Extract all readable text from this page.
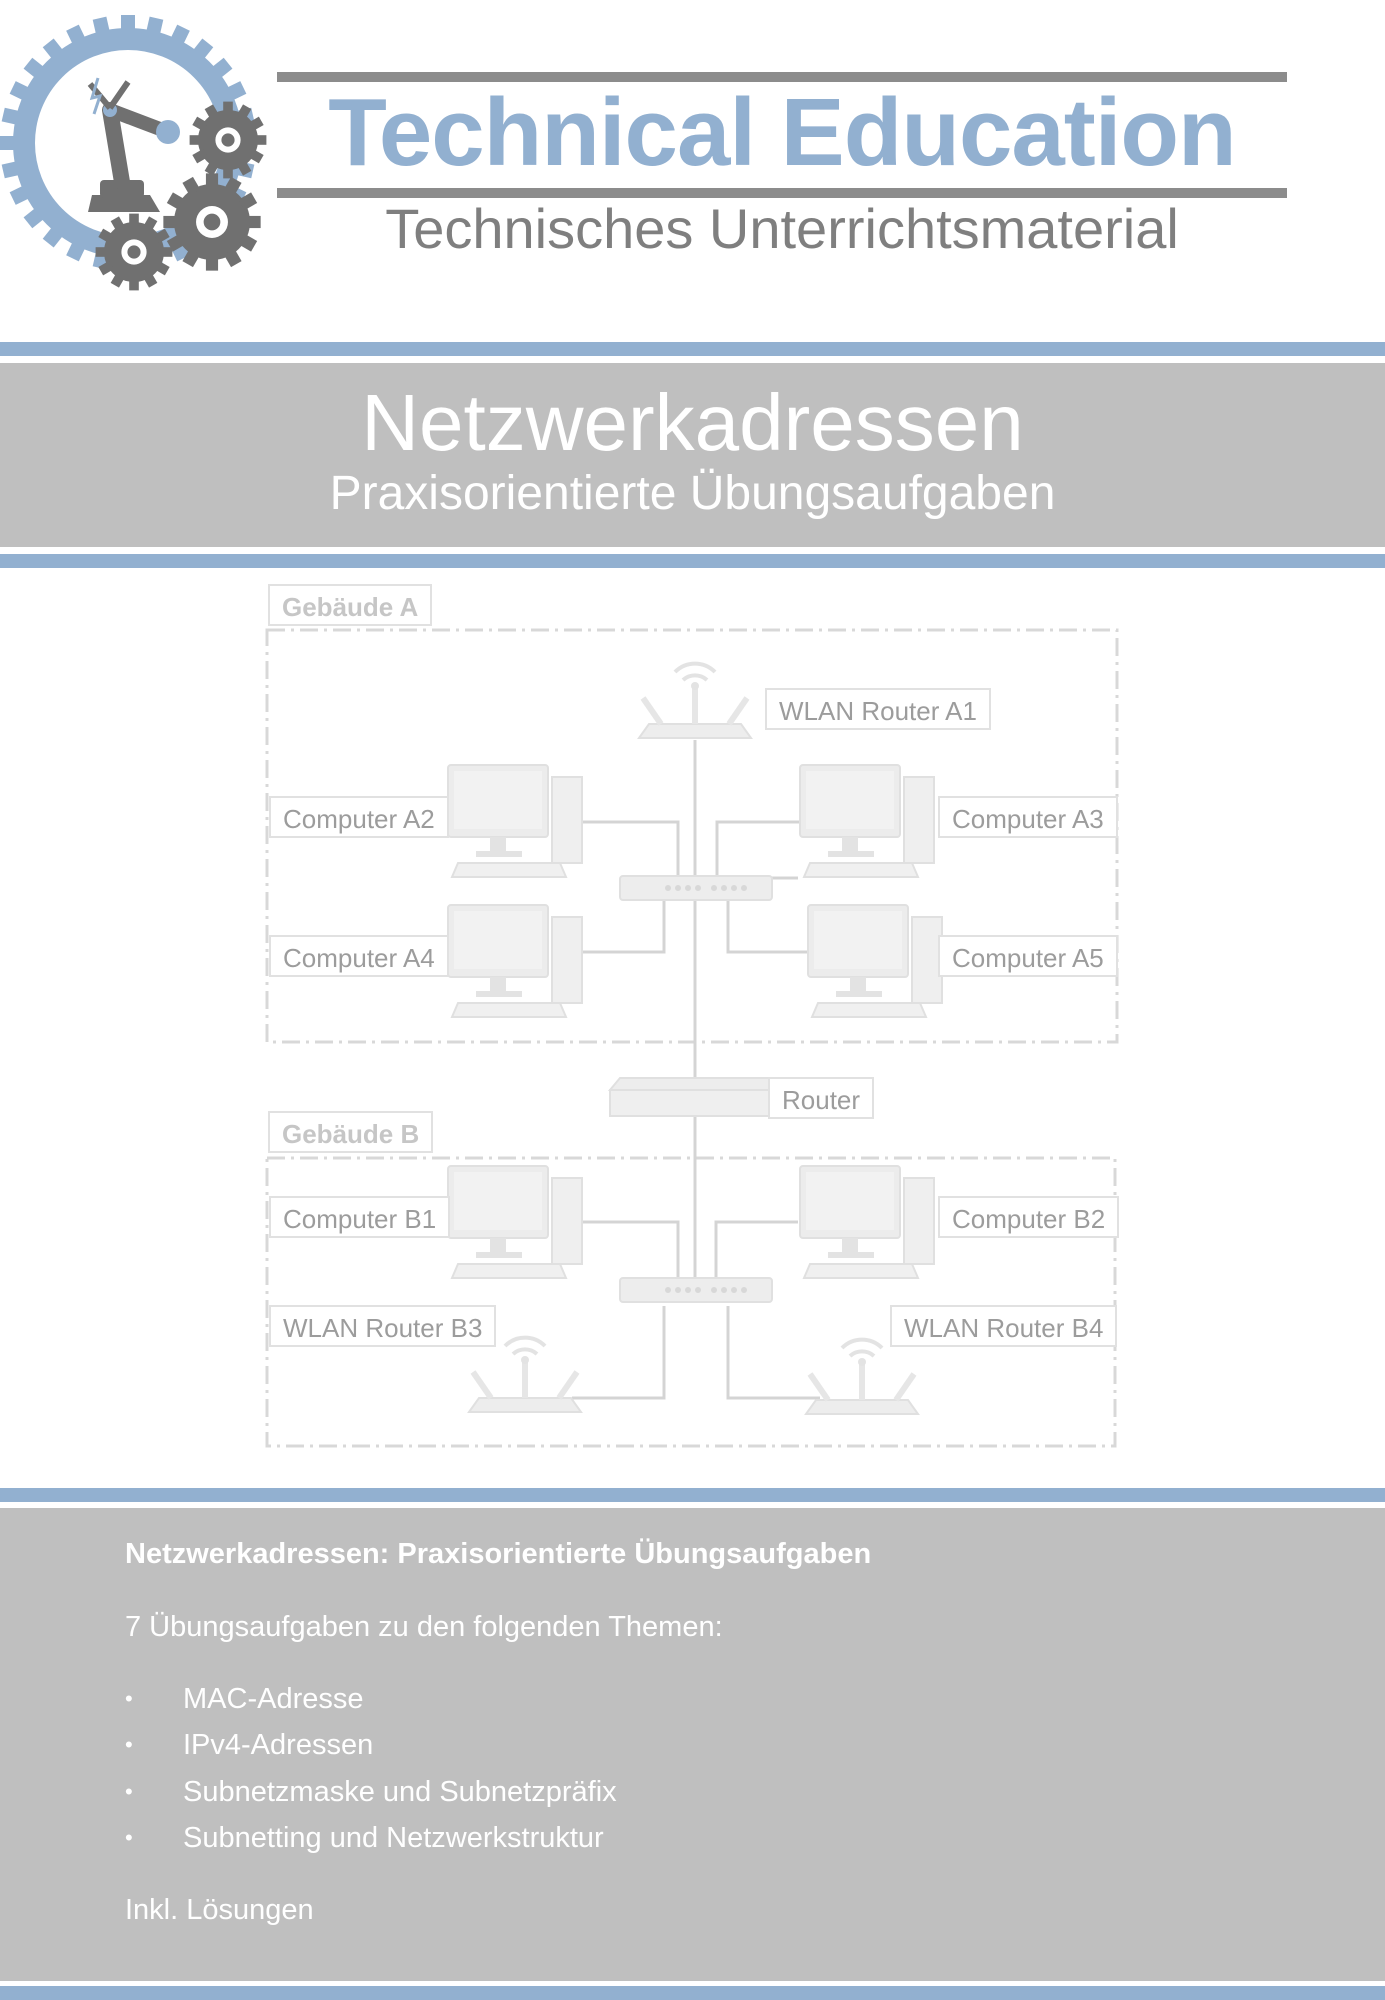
Technical Education
Technisches Unterrichtsmaterial
Netzwerkadressen
Praxisorientierte Übungsaufgaben
Gebäude A
WLAN Router A1
Computer A2	Computer A3
Computer A4	Computer A5
Router
Gebäude B
Computer B1	Computer B2
WLAN Router B3	WLAN Router B4
Netzwerkadressen: Praxisorientierte Übungsaufgaben
7 Übungsaufgaben zu den folgenden Themen:
• MAC-Adresse
• IPv4-Adressen
• Subnetzmaske und Subnetzpräfix
• Subnetting und Netzwerkstruktur
Inkl. Lösungen
